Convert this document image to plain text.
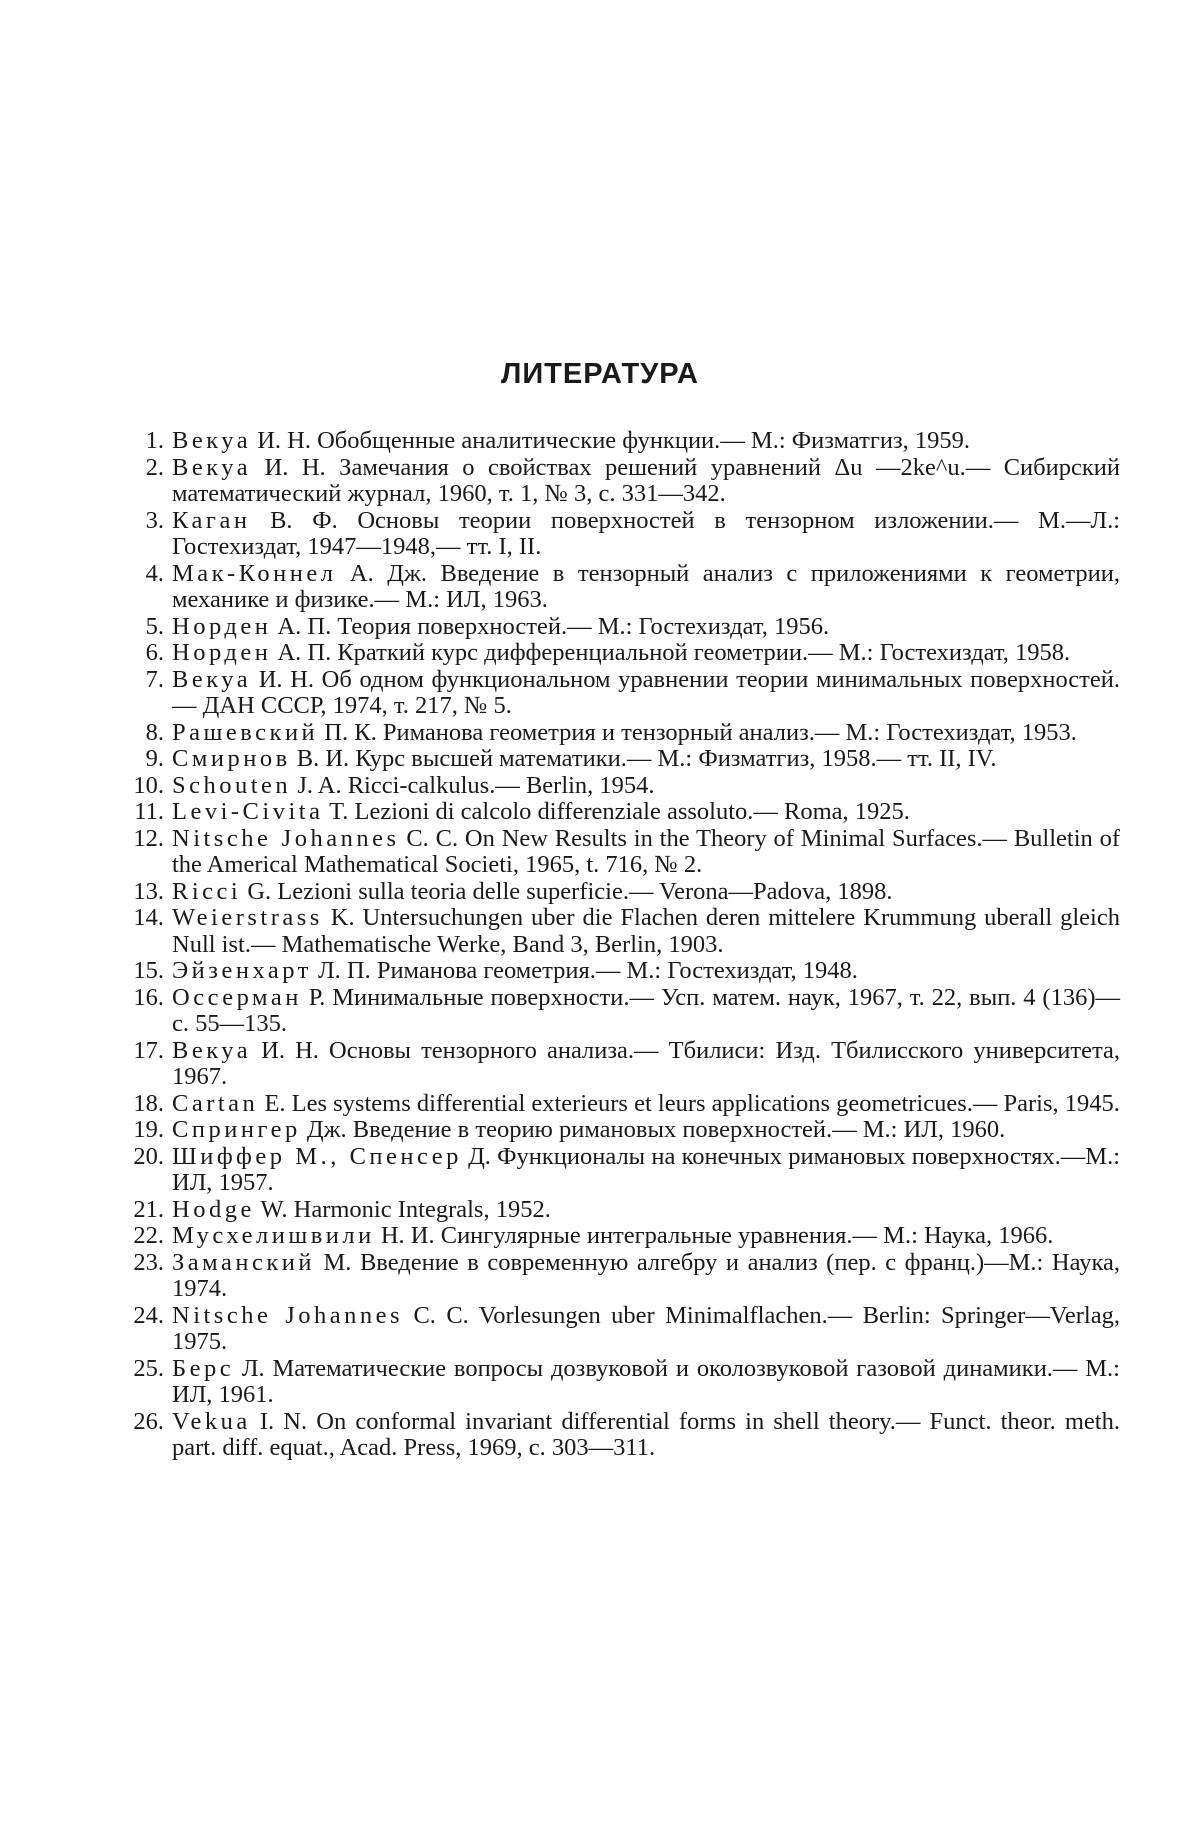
ЛИТЕРАТУРА
1. Векуа И. Н. Обобщенные аналитические функции.— М.: Физматгиз, 1959.
2. Векуа И. Н. Замечания о свойствах решений уравнений Δu —2ke^u.— Сибирский математический журнал, 1960, т. 1, № 3, с. 331—342.
3. Каган В. Ф. Основы теории поверхностей в тензорном изложении.— М.—Л.: Гостехиздат, 1947—1948,— тт. I, II.
4. Мак-Коннел А. Дж. Введение в тензорный анализ с приложениями к геометрии, механике и физике.— М.: ИЛ, 1963.
5. Норден А. П. Теория поверхностей.— М.: Гостехиздат, 1956.
6. Норден А. П. Краткий курс дифференциальной геометрии.— М.: Гостехиздат, 1958.
7. Векуа И. Н. Об одном функциональном уравнении теории минимальных поверхностей.— ДАН СССР, 1974, т. 217, № 5.
8. Рашевский П. К. Риманова геометрия и тензорный анализ.— М.: Гостехиздат, 1953.
9. Смирнов В. И. Курс высшей математики.— М.: Физматгиз, 1958.— тт. II, IV.
10. Schouten J. A. Ricci-calkulus.— Berlin, 1954.
11. Levi-Civita T. Lezioni di calcolo differenziale assoluto.— Roma, 1925.
12. Nitsche Johannes C. C. On New Results in the Theory of Minimal Surfaces.— Bulletin of the Americal Mathematical Societi, 1965, t. 716, № 2.
13. Ricci G. Lezioni sulla teoria delle superficie.— Verona—Padova, 1898.
14. Weierstrass K. Untersuchungen uber die Flachen deren mittelere Krummung uberall gleich Null ist.— Mathematische Werke, Band 3, Berlin, 1903.
15. Эйзенхарт Л. П. Риманова геометрия.— М.: Гостехиздат, 1948.
16. Оссерман Р. Минимальные поверхности.— Усп. матем. наук, 1967, т. 22, вып. 4 (136)— с. 55—135.
17. Векуа И. Н. Основы тензорного анализа.— Тбилиси: Изд. Тбилисского университета, 1967.
18. Cartan E. Les systems differential exterieurs et leurs applications geometricues.— Paris, 1945.
19. Спрингер Дж. Введение в теорию римановых поверхностей.— М.: ИЛ, 1960.
20. Шиффер М., Спенсер Д. Функционалы на конечных римановых поверхностях.—М.: ИЛ, 1957.
21. Hodge W. Harmonic Integrals, 1952.
22. Мусхелишвили Н. И. Сингулярные интегральные уравнения.— М.: Наука, 1966.
23. Заманский М. Введение в современную алгебру и анализ (пер. с франц.)—М.: Наука, 1974.
24. Nitsche Johannes C. C. Vorlesungen uber Minimalflachen.— Berlin: Springer—Verlag, 1975.
25. Берс Л. Математические вопросы дозвуковой и околозвуковой газовой динамики.— М.: ИЛ, 1961.
26. Vekua I. N. On conformal invariant differential forms in shell theory.— Funct. theor. meth. part. diff. equat., Acad. Press, 1969, c. 303—311.
